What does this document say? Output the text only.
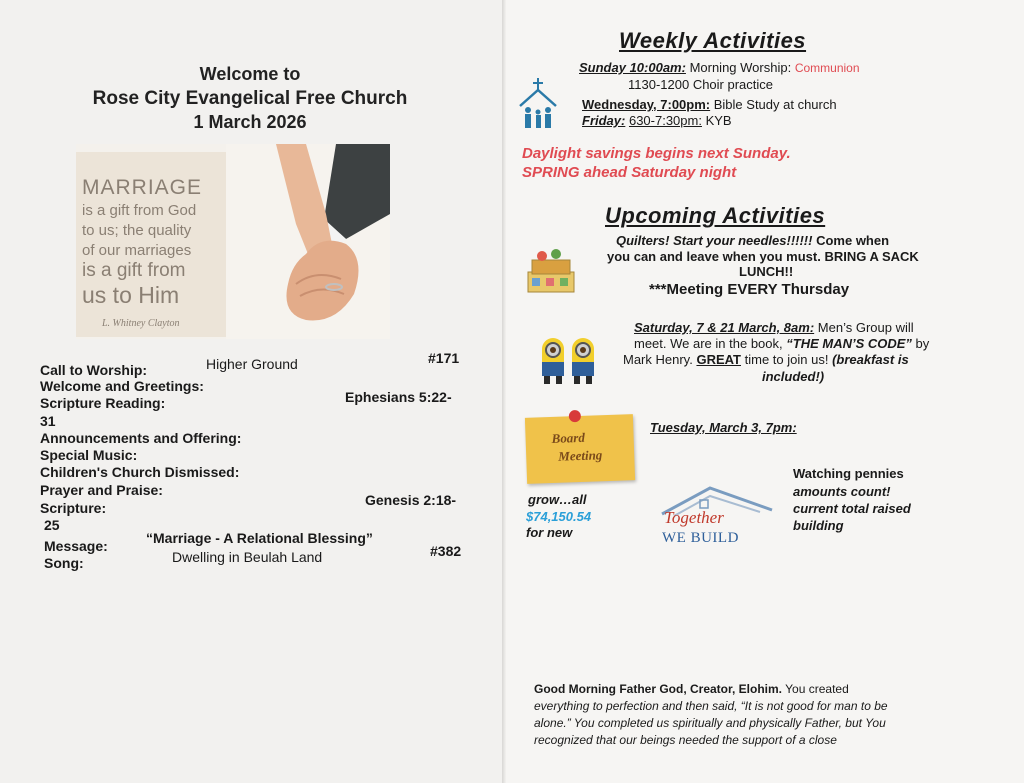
Welcome to
Rose City Evangelical Free Church
1 March 2026
MARRIAGE
is a gift from God
to us; the quality
of our marriages
is a gift from
us to Him
L. Whitney Clayton
Call to Worship:	Higher Ground	#171
Welcome and Greetings:
Scripture Reading:	Ephesians 5:22-
31
Announcements and Offering:
Special Music:
Children's Church Dismissed:
Prayer and Praise:
Scripture:	Genesis 2:18-
25
Message:	“Marriage - A Relational Blessing”
Song:	Dwelling in Beulah Land	#382
Weekly Activities
Sunday 10:00am: Morning Worship: Communion
1130-1200 Choir practice
Wednesday, 7:00pm: Bible Study at church
Friday: 630-7:30pm: KYB
Daylight savings begins next Sunday.
SPRING ahead Saturday night
Upcoming Activities
Quilters! Start your needles!!!!!! Come when
you can and leave when you must. BRING A SACK
LUNCH!!
***Meeting EVERY Thursday
Saturday, 7 & 21 March, 8am: Men’s Group will
meet. We are in the book, “THE MAN’S CODE” by
Mark Henry. GREAT time to join us! (breakfast is
included!)
Board
Meeting
Tuesday, March 3, 7pm:
grow…all
$74,150.54
for new
Together
WE BUILD
Watching pennies
amounts count!
current total raised
building
Good Morning Father God, Creator, Elohim. You created
everything to perfection and then said, “It is not good for man to be
alone.” You completed us spiritually and physically Father, but You
recognized that our beings needed the support of a close
